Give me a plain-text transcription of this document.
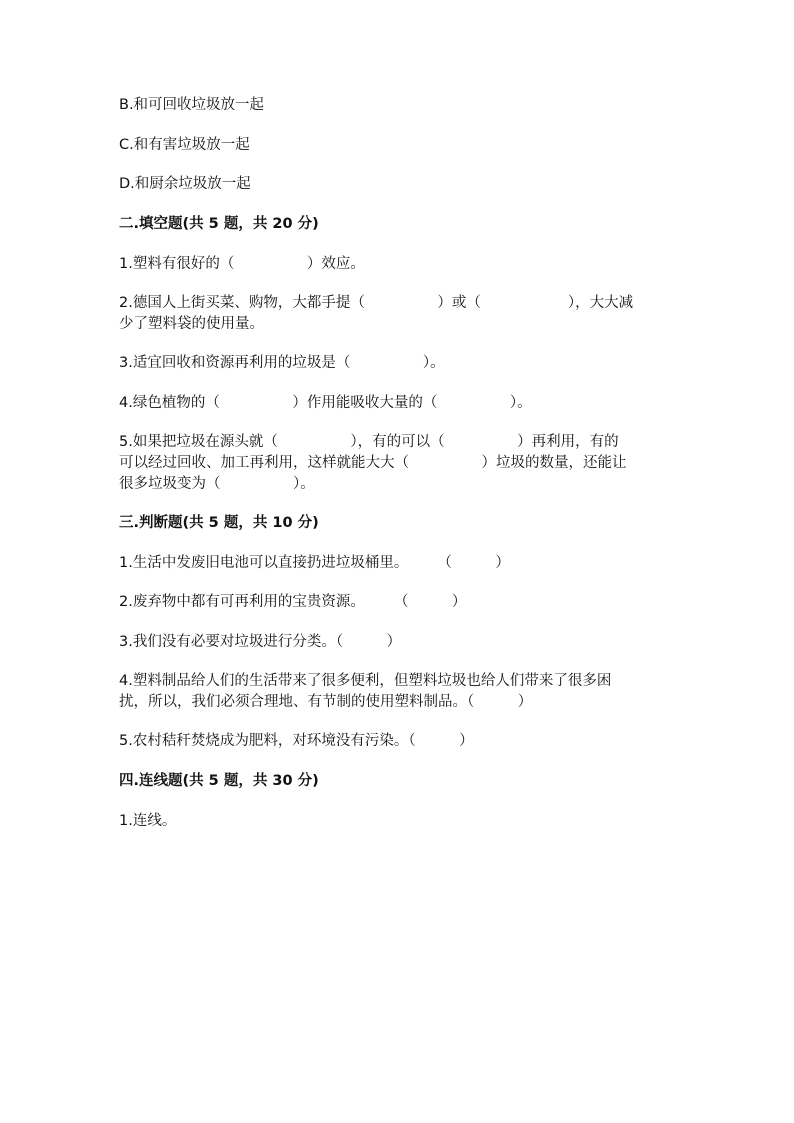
B.和可回收垃圾放一起
C.和有害垃圾放一起
D.和厨余垃圾放一起
二.填空题(共 5 题，共 20 分)
1.塑料有很好的（　　　　　）效应。
2.德国人上街买菜、购物，大都手提（　　　　　）或（　　　　　　），大大减
少了塑料袋的使用量。
3.适宜回收和资源再利用的垃圾是（　　　　　）。
4.绿色植物的（　　　　　）作用能吸收大量的（　　　　　）。
5.如果把垃圾在源头就（　　　　　），有的可以（　　　　　）再利用，有的
可以经过回收、加工再利用，这样就能大大（　　　　　）垃圾的数量，还能让
很多垃圾变为（　　　　　）。
三.判断题(共 5 题，共 10 分)
1.生活中发废旧电池可以直接扔进垃圾桶里。　　　（　　　）
2.废弃物中都有可再利用的宝贵资源。　　　（　　　）
3.我们没有必要对垃圾进行分类。（　　　）
4.塑料制品给人们的生活带来了很多便利，但塑料垃圾也给人们带来了很多困
扰，所以，我们必须合理地、有节制的使用塑料制品。（　　　）
5.农村秸秆焚烧成为肥料，对环境没有污染。（　　　）
四.连线题(共 5 题，共 30 分)
1.连线。
